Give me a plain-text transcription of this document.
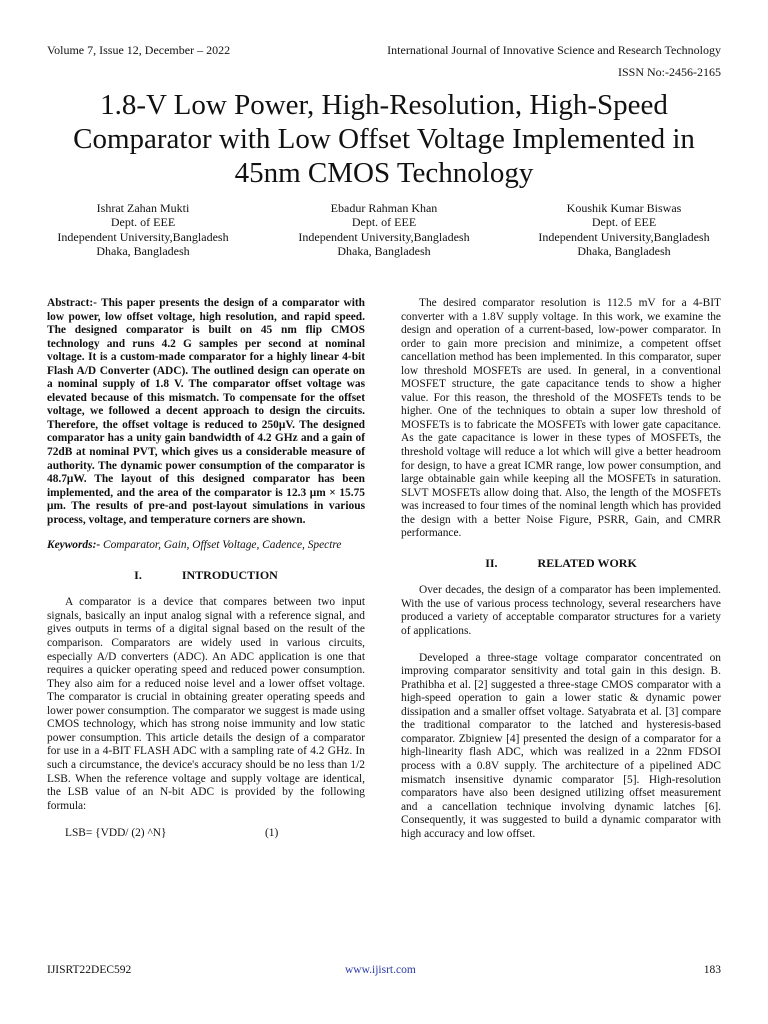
Volume 7, Issue 12, December – 2022	International Journal of Innovative Science and Research Technology
ISSN No:-2456-2165
1.8-V Low Power, High-Resolution, High-Speed
Comparator with Low Offset Voltage Implemented in
45nm CMOS Technology
Ishrat Zahan Mukti
Dept. of EEE
Independent University,Bangladesh
Dhaka, Bangladesh
Ebadur Rahman Khan
Dept. of EEE
Independent University,Bangladesh
Dhaka, Bangladesh
Koushik Kumar Biswas
Dept. of EEE
Independent University,Bangladesh
Dhaka, Bangladesh

Abstract:- This paper presents the design of a comparator with low power, low offset voltage, high resolution, and rapid speed. The designed comparator is built on 45 nm flip CMOS technology and runs 4.2 G samples per second at nominal voltage. It is a custom-made comparator for a highly linear 4-bit Flash A/D Converter (ADC). The outlined design can operate on a nominal supply of 1.8 V. The comparator offset voltage was elevated because of this mismatch. To compensate for the offset voltage, we followed a decent approach to design the circuits. Therefore, the offset voltage is reduced to 250μV. The designed comparator has a unity gain bandwidth of 4.2 GHz and a gain of 72dB at nominal PVT, which gives us a considerable measure of authority. The dynamic power consumption of the comparator is 48.7μW. The layout of this designed comparator has been implemented, and the area of the comparator is 12.3 μm × 15.75 μm. The results of pre-and post-layout simulations in various process, voltage, and temperature corners are shown.

Keywords:- Comparator, Gain, Offset Voltage, Cadence, Spectre

I.	INTRODUCTION

A comparator is a device that compares between two input signals, basically an input analog signal with a reference signal, and gives outputs in terms of a digital signal based on the result of the comparison. Comparators are widely used in various circuits, especially A/D converters (ADC). An ADC application is one that requires a quicker operating speed and reduced power consumption. They also aim for a reduced noise level and a lower offset voltage. The comparator is crucial in obtaining greater operating speeds and lower power consumption. The comparator we suggest is made using CMOS technology, which has strong noise immunity and low static power consumption. This article details the design of a comparator for use in a 4-BIT FLASH ADC with a sampling rate of 4.2 GHz. In such a circumstance, the device's accuracy should be no less than 1/2 LSB. When the reference voltage and supply voltage are identical, the LSB value of an N-bit ADC is provided by the following formula:

LSB= {VDD/ (2) ^N}	(1)

The desired comparator resolution is 112.5 mV for a 4-BIT converter with a 1.8V supply voltage. In this work, we examine the design and operation of a current-based, low-power comparator. In order to gain more precision and minimize, a competent offset cancellation method has been implemented. In this comparator, super low threshold MOSFETs are used. In general, in a conventional MOSFET structure, the gate capacitance tends to show a higher value. For this reason, the threshold of the MOSFETs tends to be higher. One of the techniques to obtain a super low threshold of MOSFETs is to fabricate the MOSFETs with lower gate capacitance. As the gate capacitance is lower in these types of MOSFETs, the threshold voltage will reduce a lot which will give a better headroom for design, to have a great ICMR range, low power consumption, and large obtainable gain while keeping all the MOSFETs in saturation. SLVT MOSFETs allow doing that. Also, the length of the MOSFETs was increased to four times of the nominal length which has provided the design with a better Noise Figure, PSRR, Gain, and CMRR performance.

II.	RELATED WORK

Over decades, the design of a comparator has been implemented. With the use of various process technology, several researchers have produced a variety of acceptable comparator structures for a variety of applications.

Developed a three-stage voltage comparator concentrated on improving comparator sensitivity and total gain in this design. B. Prathibha et al. [2] suggested a three-stage CMOS comparator with a high-speed operation to gain a lower static & dynamic power dissipation and a smaller offset voltage. Satyabrata et al. [3] compare the traditional comparator to the latched and hysteresis-based comparator. Zbigniew [4] presented the design of a comparator for a high-linearity flash ADC, which was realized in a 22nm FDSOI process with a 0.8V supply. The architecture of a pipelined ADC mismatch insensitive dynamic comparator [5]. High-resolution comparators have also been designed utilizing offset measurement and a cancellation technique involving dynamic latches [6]. Consequently, it was suggested to build a dynamic comparator with high accuracy and low offset.

IJISRT22DEC592	www.ijisrt.com	183
